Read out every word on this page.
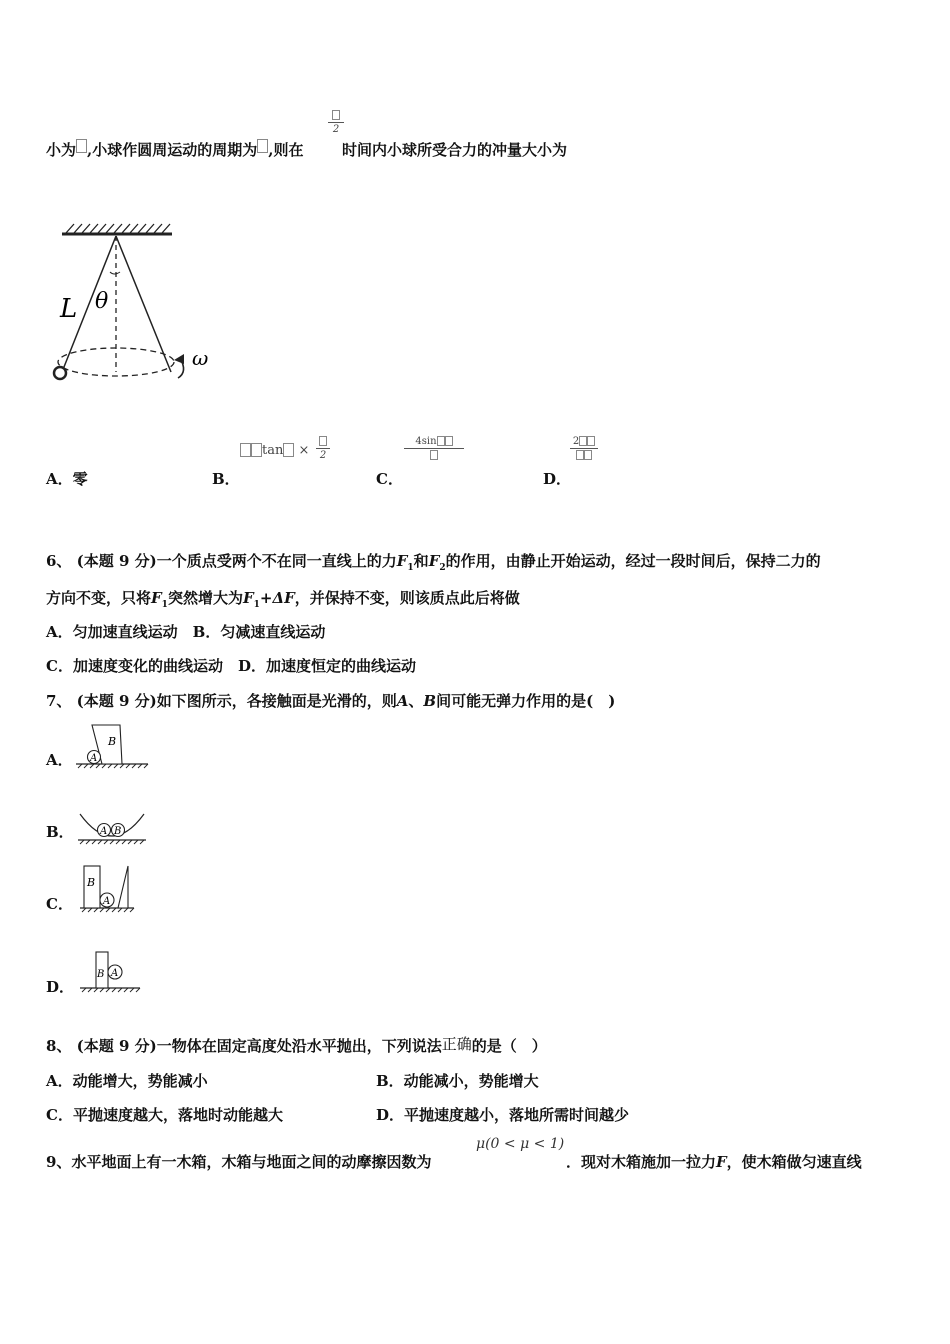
小为 ,小球作圆周运动的周期为 ,则在
2
时间内小球所受合力的冲量大小为
L θ
ω
A．零	B．
tan ×	2
C．
4sin
D．
2
6、 (本题 9 分)一个质点受两个不在同一直线上的力$F_1$和$F_2$的作用，由静止开始运动，经过一段时间后，保持二力的
方向不变，只将$F_1$突然增大为$F_1+\Delta F$，并保持不变，则该质点此后将做
A．匀加速直线运动　B．匀减速直线运动
C．加速度变化的曲线运动　D．加速度恒定的曲线运动
7、 (本题 9 分)如下图所示，各接触面是光滑的，则A、B间可能无弹力作用的是(　)
A． A
B
B．	A B
C．	A
B
D．
A
B
8、 (本题 9 分)一物体在固定高度处沿水平抛出，下列说法正确的是（　）
A．动能增大，势能减小	B．动能减小，势能增大
C．平抛速度越大，落地时动能越大	D．平抛速度越小，落地所需时间越少
9、水平地面上有一木箱，木箱与地面之间的动摩擦因数为
μ(0 < μ < 1)
．现对木箱施加一拉力F，使木箱做匀速直线
